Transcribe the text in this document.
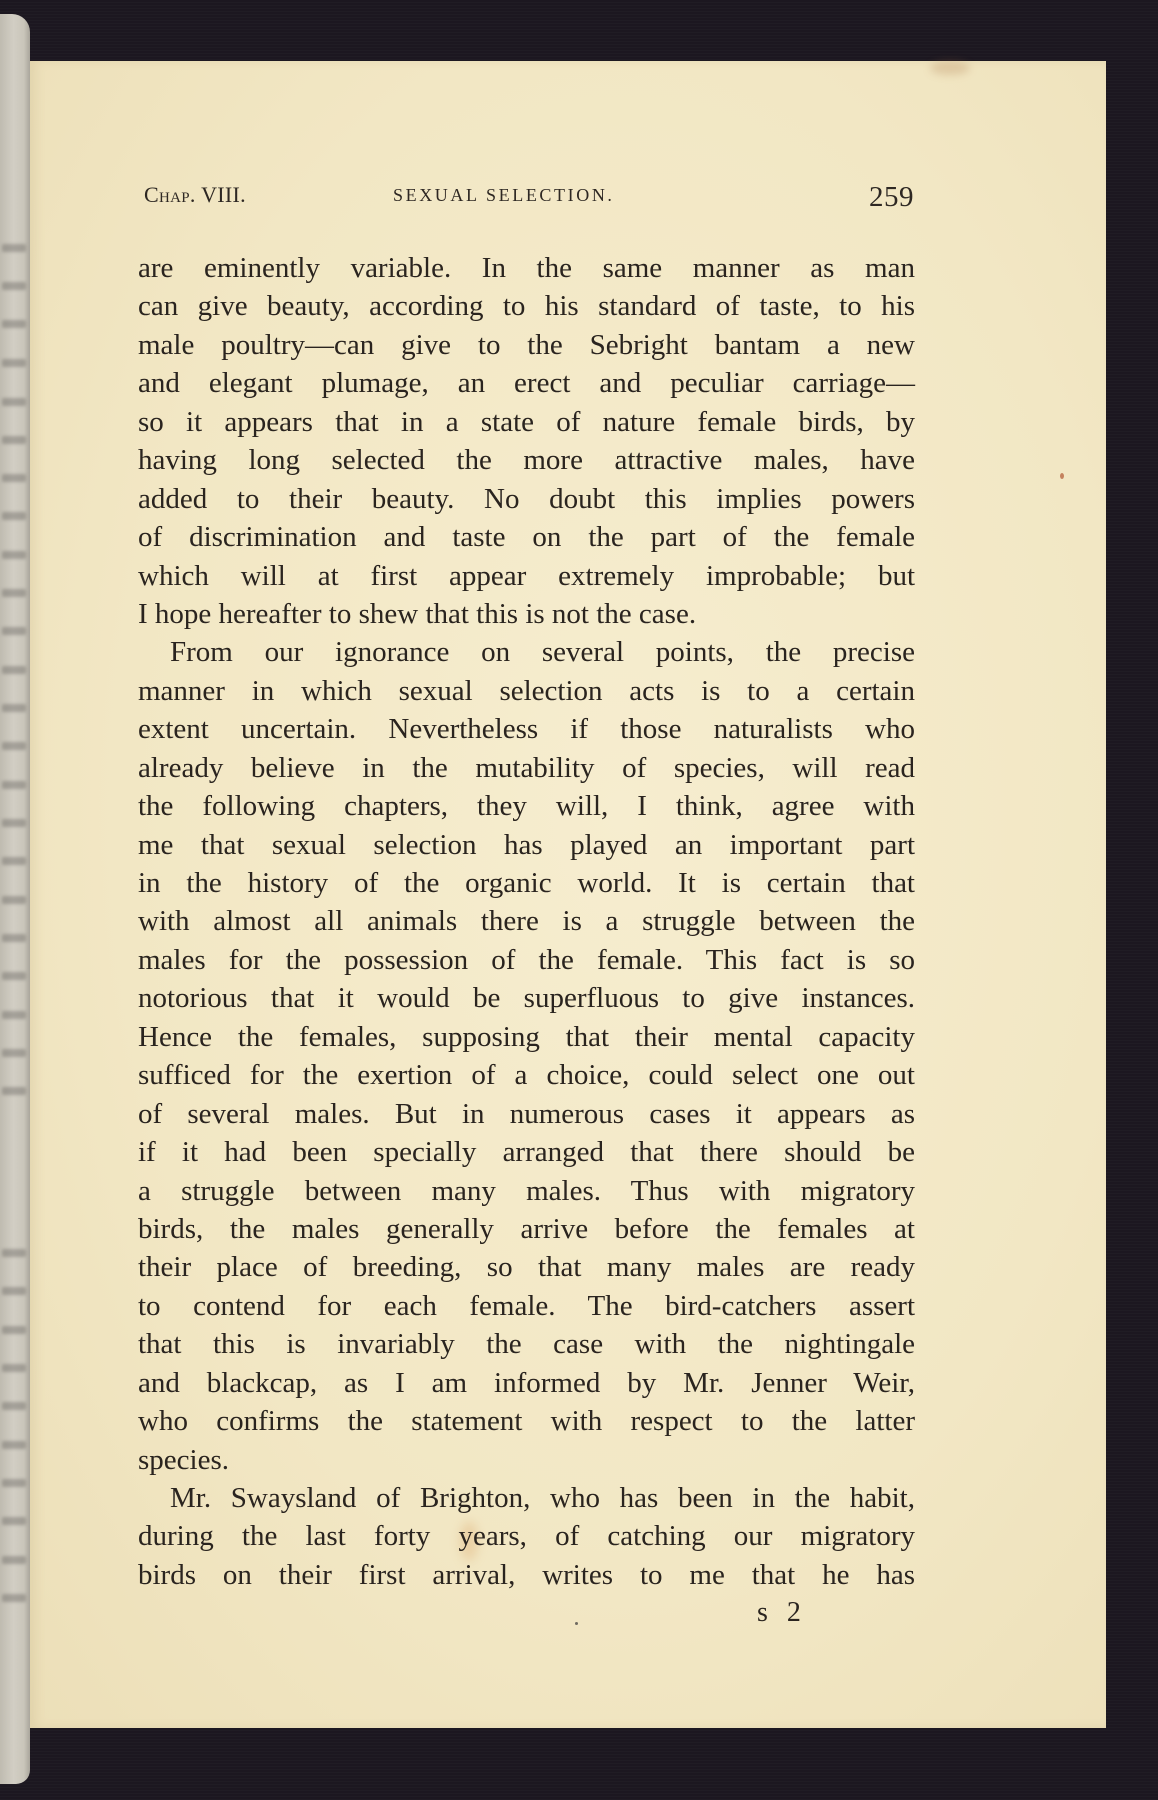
Chap. VIII.	SEXUAL SELECTION.	259
are eminently variable. In the same manner as man
can give beauty, according to his standard of taste, to his
male poultry—can give to the Sebright bantam a new
and elegant plumage, an erect and peculiar carriage—
so it appears that in a state of nature female birds, by
having long selected the more attractive males, have
added to their beauty. No doubt this implies powers
of discrimination and taste on the part of the female
which will at first appear extremely improbable; but
I hope hereafter to shew that this is not the case.
From our ignorance on several points, the precise
manner in which sexual selection acts is to a certain
extent uncertain. Nevertheless if those naturalists who
already believe in the mutability of species, will read
the following chapters, they will, I think, agree with
me that sexual selection has played an important part
in the history of the organic world. It is certain that
with almost all animals there is a struggle between the
males for the possession of the female. This fact is so
notorious that it would be superfluous to give instances.
Hence the females, supposing that their mental capacity
sufficed for the exertion of a choice, could select one out
of several males. But in numerous cases it appears as
if it had been specially arranged that there should be
a struggle between many males. Thus with migratory
birds, the males generally arrive before the females at
their place of breeding, so that many males are ready
to contend for each female. The bird-catchers assert
that this is invariably the case with the nightingale
and blackcap, as I am informed by Mr. Jenner Weir,
who confirms the statement with respect to the latter
species.
Mr. Swaysland of Brighton, who has been in the habit,
during the last forty years, of catching our migratory
birds on their first arrival, writes to me that he has
s 2
